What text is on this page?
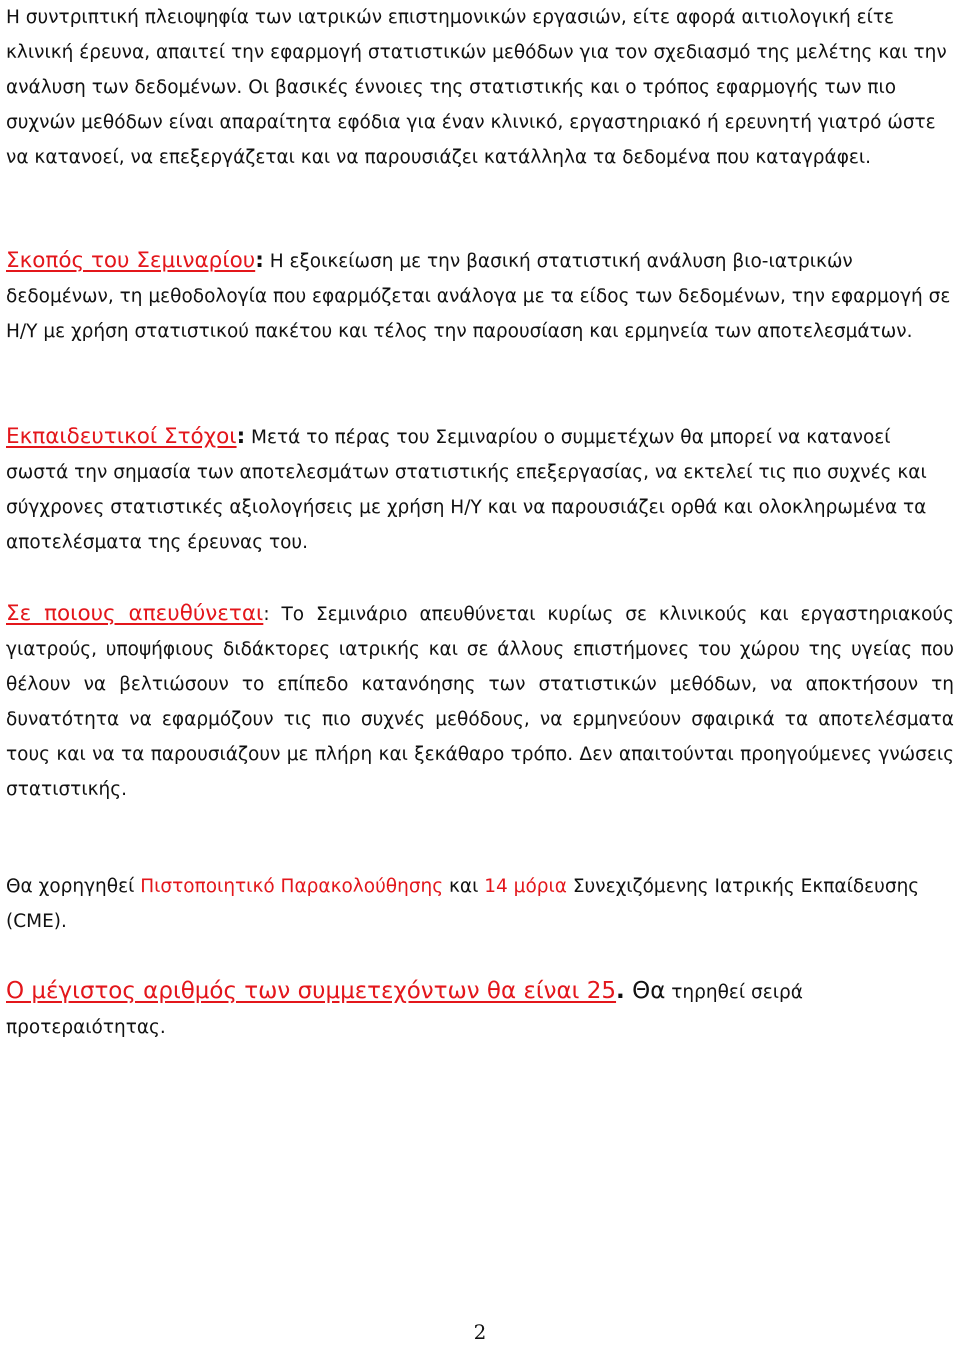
Η συντριπτική πλειοψηφία των ιατρικών επιστημονικών εργασιών, είτε αφορά αιτιολογική είτε κλινική έρευνα, απαιτεί την εφαρμογή στατιστικών μεθόδων για τον σχεδιασμό της μελέτης και την ανάλυση των δεδομένων. Οι βασικές έννοιες της στατιστικής και ο τρόπος εφαρμογής των πιο συχνών μεθόδων είναι απαραίτητα εφόδια για έναν κλινικό, εργαστηριακό ή ερευνητή γιατρό ώστε να κατανοεί, να επεξεργάζεται και να παρουσιάζει κατάλληλα τα δεδομένα που καταγράφει.

Σκοπός του Σεμιναρίου: Η εξοικείωση με την βασική στατιστική ανάλυση βιο-ιατρικών δεδομένων, τη μεθοδολογία που εφαρμόζεται ανάλογα με τα είδος των δεδομένων, την εφαρμογή σε Η/Υ με χρήση στατιστικού πακέτου και τέλος την παρουσίαση και ερμηνεία των αποτελεσμάτων.

Εκπαιδευτικοί Στόχοι: Μετά το πέρας του Σεμιναρίου ο συμμετέχων θα μπορεί να κατανοεί σωστά την σημασία των αποτελεσμάτων στατιστικής επεξεργασίας, να εκτελεί τις πιο συχνές και σύγχρονες στατιστικές αξιολογήσεις με χρήση Η/Υ και να παρουσιάζει ορθά και ολοκληρωμένα τα αποτελέσματα της έρευνας του.

Σε ποιους απευθύνεται: Το Σεμινάριο απευθύνεται κυρίως σε κλινικούς και εργαστηριακούς γιατρούς, υποψήφιους διδάκτορες ιατρικής και σε άλλους επιστήμονες του χώρου της υγείας που θέλουν να βελτιώσουν το επίπεδο κατανόησης των στατιστικών μεθόδων, να αποκτήσουν τη δυνατότητα να εφαρμόζουν τις πιο συχνές μεθόδους, να ερμηνεύουν σφαιρικά τα αποτελέσματα τους και να τα παρουσιάζουν με πλήρη και ξεκάθαρο τρόπο. Δεν απαιτούνται προηγούμενες γνώσεις στατιστικής.

Θα χορηγηθεί Πιστοποιητικό Παρακολούθησης και 14 μόρια Συνεχιζόμενης Ιατρικής Εκπαίδευσης (CME).

Ο μέγιστος αριθμός των συμμετεχόντων θα είναι 25. Θα τηρηθεί σειρά προτεραιότητας.

2
